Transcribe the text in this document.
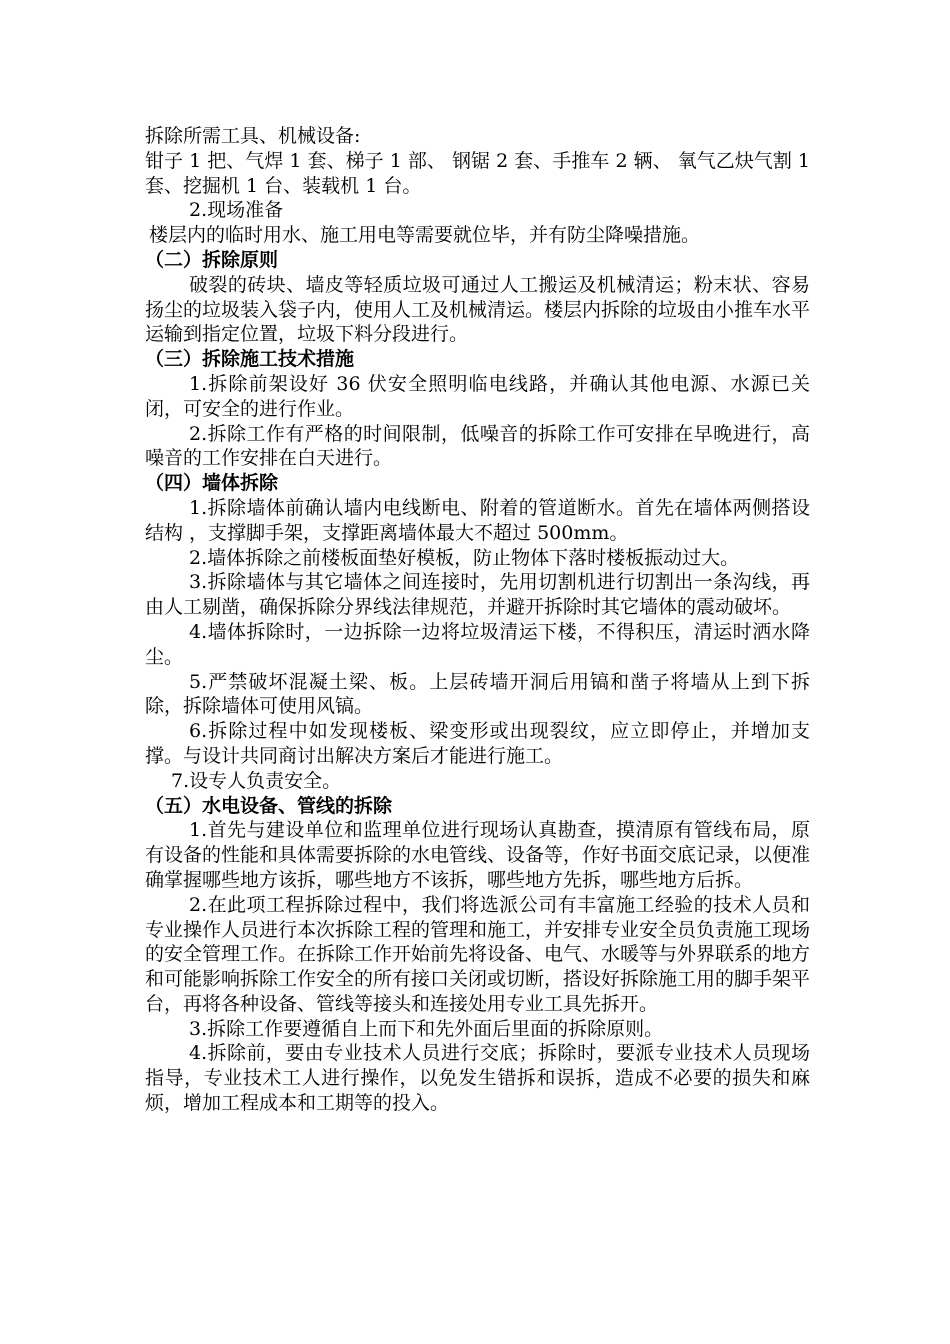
拆除所需工具、机械设备:

钳子 1 把、气焊 1 套、梯子 1 部、 钢锯 2 套、手推车 2 辆、 氧气乙炔气割 1 套、挖掘机 1 台、装载机 1 台。

2.现场准备

楼层内的临时用水、施工用电等需要就位毕，并有防尘降噪措施。

（二）拆除原则

破裂的砖块、墙皮等轻质垃圾可通过人工搬运及机械清运；粉末状、容易扬尘的垃圾装入袋子内，使用人工及机械清运。楼层内拆除的垃圾由小推车水平运输到指定位置，垃圾下料分段进行。

（三）拆除施工技术措施

1.拆除前架设好 36 伏安全照明临电线路，并确认其他电源、水源已关闭，可安全的进行作业。

2.拆除工作有严格的时间限制，低噪音的拆除工作可安排在早晚进行，高噪音的工作安排在白天进行。

（四）墙体拆除

1.拆除墙体前确认墙内电线断电、附着的管道断水。首先在墙体两侧搭设结构 ，支撑脚手架，支撑距离墙体最大不超过 500mm。

2.墙体拆除之前楼板面垫好模板，防止物体下落时楼板振动过大。

3.拆除墙体与其它墙体之间连接时，先用切割机进行切割出一条沟线，再由人工剔凿，确保拆除分界线法律规范，并避开拆除时其它墙体的震动破坏。

4.墙体拆除时，一边拆除一边将垃圾清运下楼，不得积压，清运时洒水降尘。

5.严禁破坏混凝土梁、板。上层砖墙开洞后用镐和凿子将墙从上到下拆除，拆除墙体可使用风镐。

6.拆除过程中如发现楼板、梁变形或出现裂纹，应立即停止，并增加支撑。与设计共同商讨出解决方案后才能进行施工。

7.设专人负责安全。

（五）水电设备、管线的拆除

1.首先与建设单位和监理单位进行现场认真勘查，摸清原有管线布局，原有设备的性能和具体需要拆除的水电管线、设备等，作好书面交底记录，以便准确掌握哪些地方该拆，哪些地方不该拆，哪些地方先拆，哪些地方后拆。

2.在此项工程拆除过程中，我们将选派公司有丰富施工经验的技术人员和专业操作人员进行本次拆除工程的管理和施工，并安排专业安全员负责施工现场的安全管理工作。在拆除工作开始前先将设备、电气、水暖等与外界联系的地方和可能影响拆除工作安全的所有接口关闭或切断，搭设好拆除施工用的脚手架平台，再将各种设备、管线等接头和连接处用专业工具先拆开。

3.拆除工作要遵循自上而下和先外面后里面的拆除原则。

4.拆除前，要由专业技术人员进行交底；拆除时，要派专业技术人员现场指导，专业技术工人进行操作，以免发生错拆和误拆，造成不必要的损失和麻烦，增加工程成本和工期等的投入。
